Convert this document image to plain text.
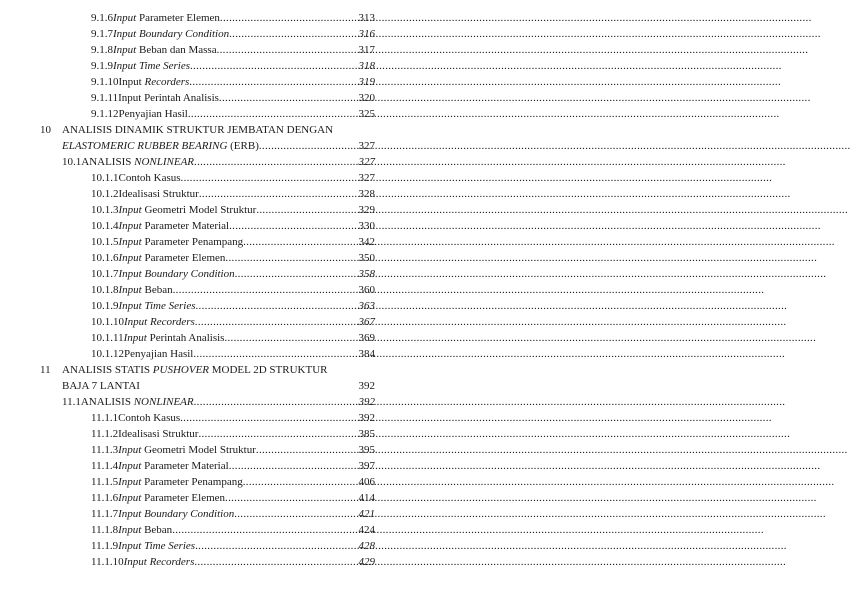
9.1.6 Input Parameter Elemen .....	313
9.1.7 Input Boundary Condition .....	316
9.1.8 Input Beban dan Massa .....	317
9.1.9 Input Time Series .....	318
9.1.10 Input Recorders .....	319
9.1.11 Input Perintah Analisis .....	320
9.1.12 Penyajian Hasil .....	325
10 ANALISIS DINAMIK STRUKTUR JEMBATAN DENGAN
ELASTOMERIC RUBBER BEARING (ERB) .....	327
10.1 ANALISIS NONLINEAR .....	327
10.1.1 Contoh Kasus .....	327
10.1.2 Idealisasi Struktur .....	328
10.1.3 Input Geometri Model Struktur .....	329
10.1.4 Input Parameter Material .....	330
10.1.5 Input Parameter Penampang .....	342
10.1.6 Input Parameter Elemen .....	350
10.1.7 Input Boundary Condition .....	358
10.1.8 Input Beban .....	360
10.1.9 Input Time Series .....	363
10.1.10 Input Recorders .....	367
10.1.11 Input Perintah Analisis .....	369
10.1.12 Penyajian Hasil .....	384
11 ANALISIS STATIS PUSHOVER MODEL 2D STRUKTUR
BAJA 7 LANTAI	392
11.1 ANALISIS NONLINEAR .....	392
11.1.1 Contoh Kasus .....	392
11.1.2 Idealisasi Struktur .....	385
11.1.3 Input Geometri Model Struktur .....	395
11.1.4 Input Parameter Material .....	397
11.1.5 Input Parameter Penampang .....	406
11.1.6 Input Parameter Elemen .....	414
11.1.7 Input Boundary Condition .....	421
11.1.8 Input Beban .....	424
11.1.9 Input Time Series .....	428
11.1.10 Input Recorders .....	429
